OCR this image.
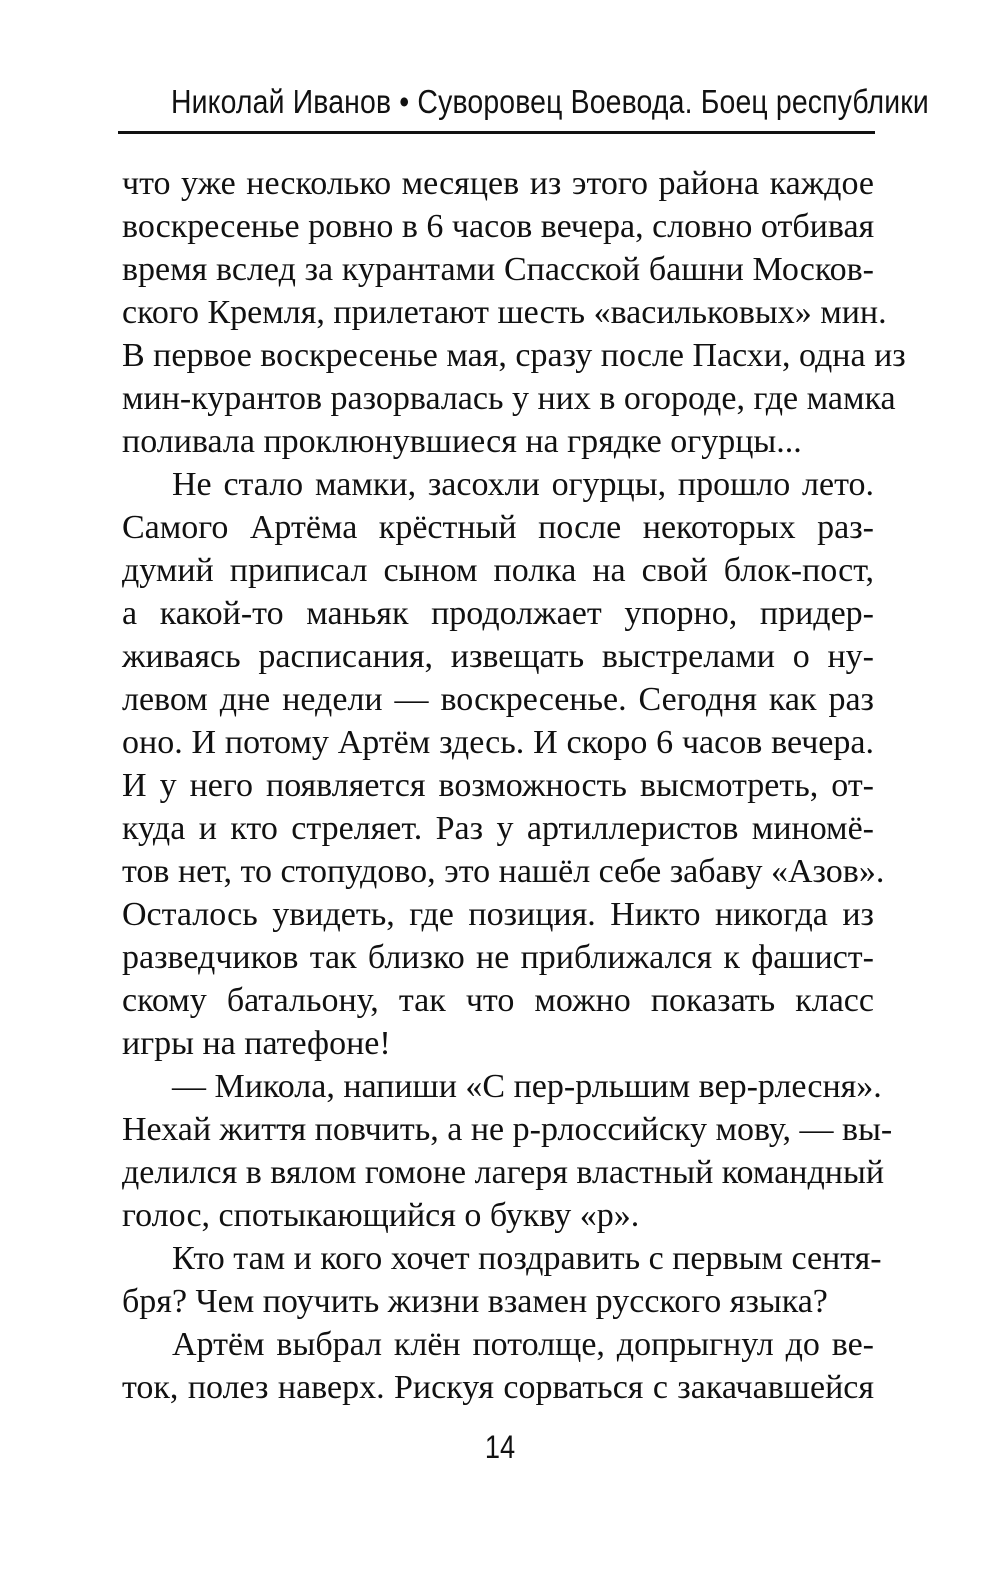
Николай Иванов • Суворовец Воевода. Боец республики
что уже несколько месяцев из этого района каждое
воскресенье ровно в 6 часов вечера, словно отбивая
время вслед за курантами Спасской башни Москов-
ского Кремля, прилетают шесть «васильковых» мин.
В первое воскресенье мая, сразу после Пасхи, одна из
мин-курантов разорвалась у них в огороде, где мамка
поливала проклюнувшиеся на грядке огурцы...
Не стало мамки, засохли огурцы, прошло лето.
Самого Артёма крёстный после некоторых раз-
думий приписал сыном полка на свой блок-пост,
а какой-то маньяк продолжает упорно, придер-
живаясь расписания, извещать выстрелами о ну-
левом дне недели — воскресенье. Сегодня как раз
оно. И потому Артём здесь. И скоро 6 часов вечера.
И у него появляется возможность высмотреть, от-
куда и кто стреляет. Раз у артиллеристов миномё-
тов нет, то стопудово, это нашёл себе забаву «Азов».
Осталось увидеть, где позиция. Никто никогда из
разведчиков так близко не приближался к фашист-
скому батальону, так что можно показать класс
игры на патефоне!
— Микола, напиши «С пер-рльшим вер-рлесня».
Нехай життя повчить, а не р-рлоссийску мову, — вы-
делился в вялом гомоне лагеря властный командный
голос, спотыкающийся о букву «р».
Кто там и кого хочет поздравить с первым сентя-
бря? Чем поучить жизни взамен русского языка?
Артём выбрал клён потолще, допрыгнул до ве-
ток, полез наверх. Рискуя сорваться с закачавшейся
14
